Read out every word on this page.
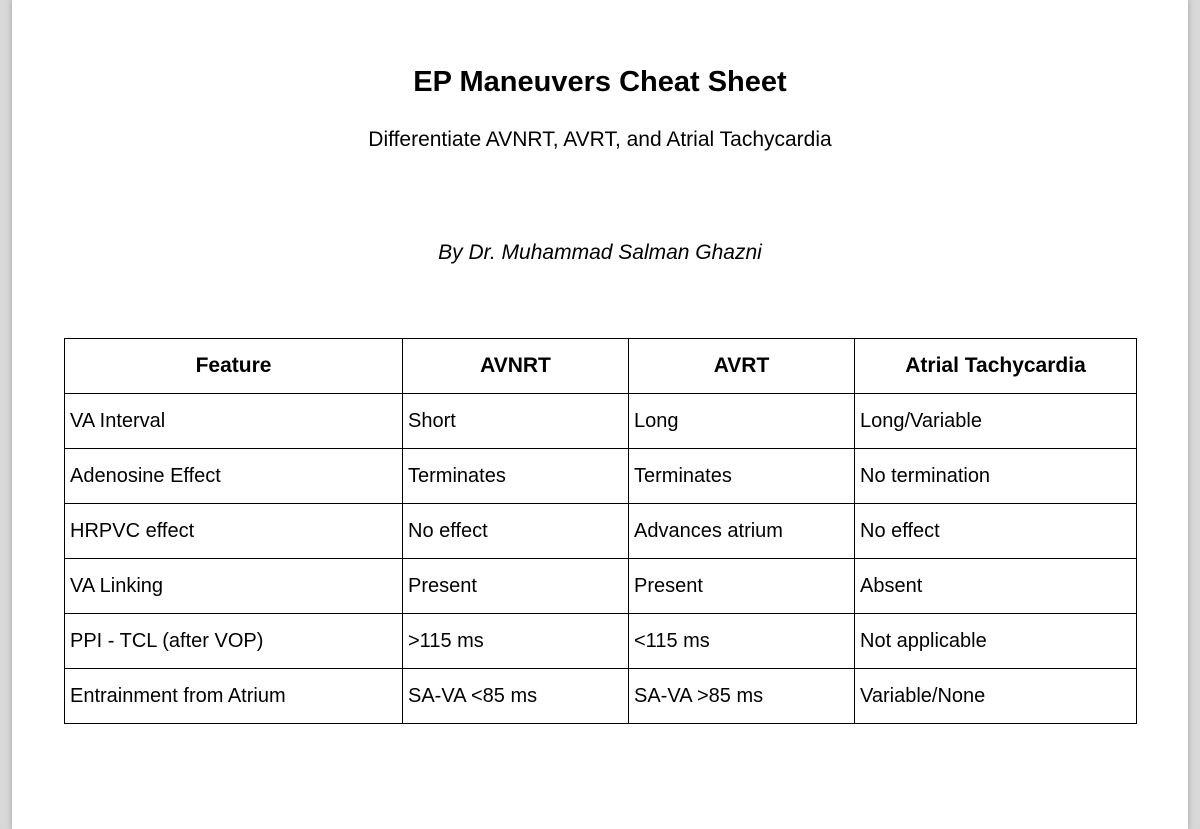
EP Maneuvers Cheat Sheet

Differentiate AVNRT, AVRT, and Atrial Tachycardia

By Dr. Muhammad Salman Ghazni

Feature	AVNRT	AVRT	Atrial Tachycardia
VA Interval	Short	Long	Long/Variable
Adenosine Effect	Terminates	Terminates	No termination
HRPVC effect	No effect	Advances atrium	No effect
VA Linking	Present	Present	Absent
PPI - TCL (after VOP)	>115 ms	<115 ms	Not applicable
Entrainment from Atrium	SA-VA <85 ms	SA-VA >85 ms	Variable/None
